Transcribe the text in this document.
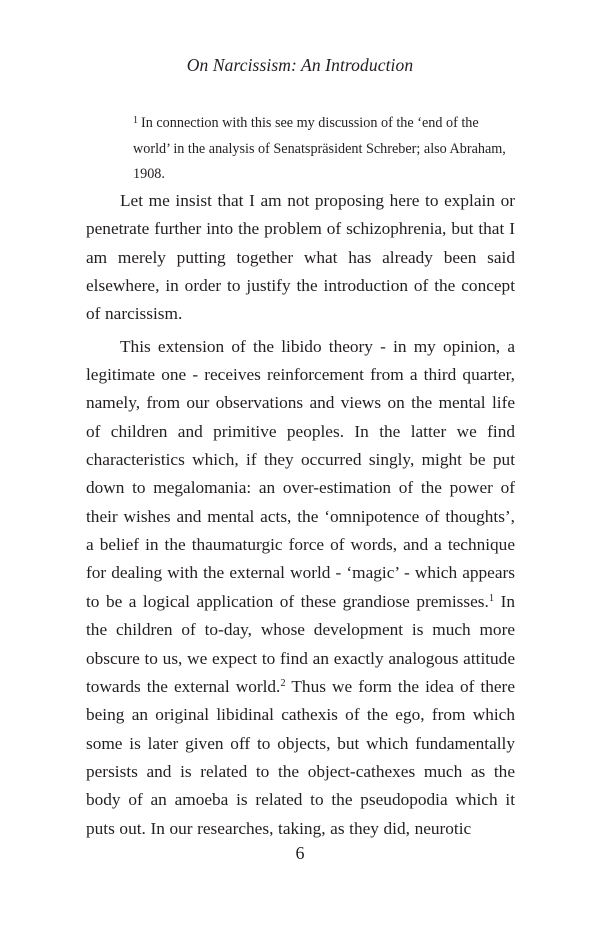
On Narcissism: An Introduction
$^1$ In connection with this see my discussion of the ‘end of the world’ in the analysis of Senatspräsident Schreber; also Abraham, 1908.

Let me insist that I am not proposing here to explain or penetrate further into the problem of schizophrenia, but that I am merely putting together what has already been said elsewhere, in order to justify the introduction of the concept of narcissism.

This extension of the libido theory - in my opinion, a legitimate one - receives reinforcement from a third quarter, namely, from our observations and views on the mental life of children and primitive peoples. In the latter we find characteristics which, if they occurred singly, might be put down to megalomania: an over-estimation of the power of their wishes and mental acts, the ‘omnipotence of thoughts’, a belief in the thaumaturgic force of words, and a technique for dealing with the external world - ‘magic’ - which appears to be a logical application of these grandiose premisses.$^1$ In the children of to-day, whose development is much more obscure to us, we expect to find an exactly analogous attitude towards the external world.$^2$ Thus we form the idea of there being an original libidinal cathexis of the ego, from which some is later given off to objects, but which fundamentally persists and is related to the object-cathexes much as the body of an amoeba is related to the pseudopodia which it puts out. In our researches, taking, as they did, neurotic

6
